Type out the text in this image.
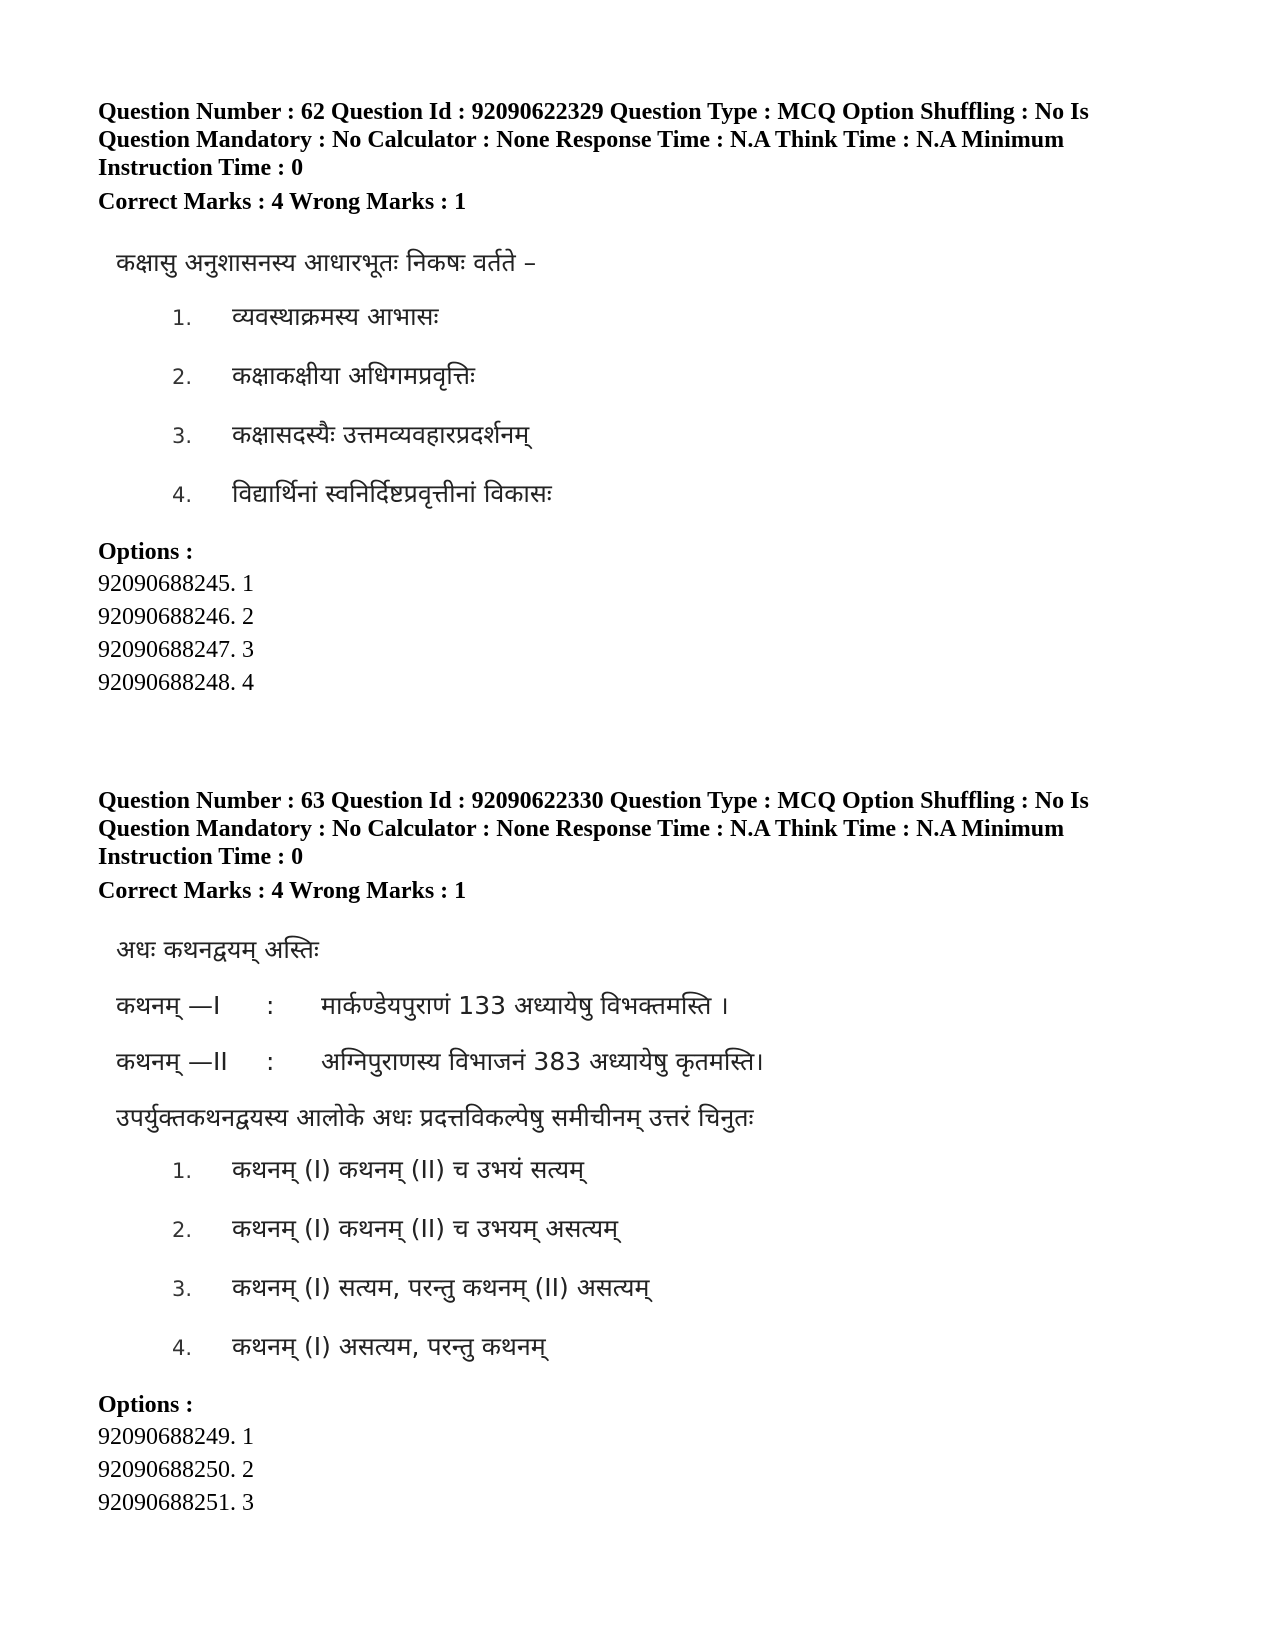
Question Number : 62 Question Id : 92090622329 Question Type : MCQ Option Shuffling : No Is Question Mandatory : No Calculator : None Response Time : N.A Think Time : N.A Minimum Instruction Time : 0
Correct Marks : 4 Wrong Marks : 1
कक्षासु अनुशासनस्य आधारभूतः निकषः वर्तते –
1.	व्यवस्थाक्रमस्य आभासः
2.	कक्षाकक्षीया अधिगमप्रवृत्तिः
3.	कक्षासदस्यैः उत्तमव्यवहारप्रदर्शनम्
4.	विद्यार्थिनां स्वनिर्दिष्टप्रवृत्तीनां विकासः
Options :
92090688245. 1
92090688246. 2
92090688247. 3
92090688248. 4
Question Number : 63 Question Id : 92090622330 Question Type : MCQ Option Shuffling : No Is Question Mandatory : No Calculator : None Response Time : N.A Think Time : N.A Minimum Instruction Time : 0
Correct Marks : 4 Wrong Marks : 1
अधः कथनद्वयम् अस्तिः
कथनम् —I	:	मार्कण्डेयपुराणं 133 अध्यायेषु विभक्तमस्ति ।
कथनम् —II	:	अग्निपुराणस्य विभाजनं 383 अध्यायेषु कृतमस्ति।
उपर्युक्तकथनद्वयस्य आलोके अधः प्रदत्तविकल्पेषु समीचीनम् उत्तरं चिनुतः
1.	कथनम् (I) कथनम् (II) च उभयं सत्यम्
2.	कथनम् (I) कथनम् (II) च उभयम् असत्यम्
3.	कथनम् (I) सत्यम, परन्तु कथनम् (II) असत्यम्
4.	कथनम् (I) असत्यम, परन्तु कथनम्
Options :
92090688249. 1
92090688250. 2
92090688251. 3
